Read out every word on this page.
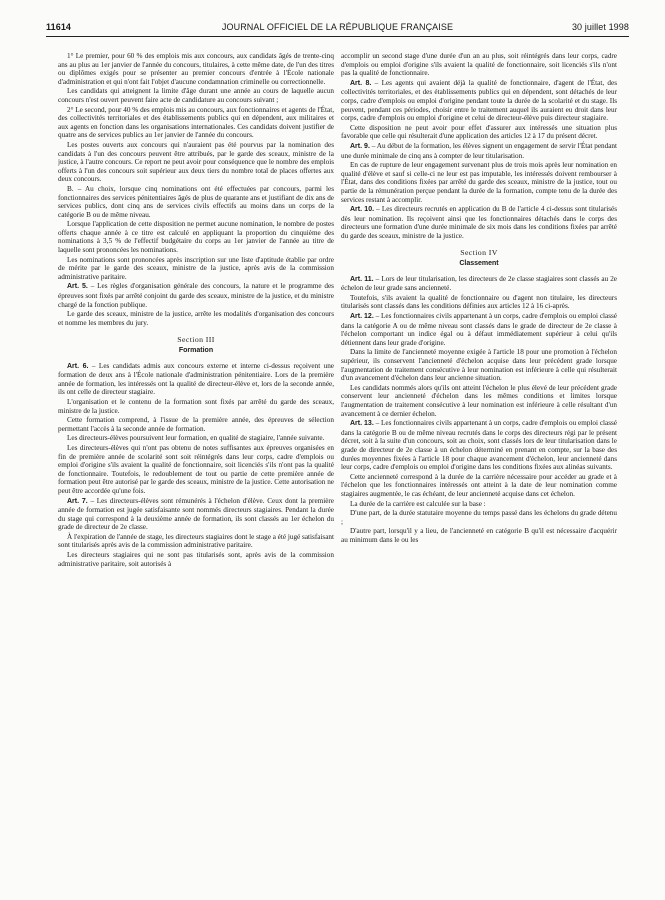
11614	JOURNAL OFFICIEL DE LA RÉPUBLIQUE FRANÇAISE	30 juillet 1998

1° Le premier, pour 60 % des emplois mis aux concours, aux candidats âgés de trente-cinq ans au plus au 1er janvier de l'année du concours, titulaires, à cette même date, de l'un des titres ou diplômes exigés pour se présenter au premier concours d'entrée à l'École nationale d'administration et qui n'ont fait l'objet d'aucune condamnation criminelle ou correctionnelle.

Les candidats qui atteignent la limite d'âge durant une année au cours de laquelle aucun concours n'est ouvert peuvent faire acte de candidature au concours suivant ;

2° Le second, pour 40 % des emplois mis au concours, aux fonctionnaires et agents de l'État, des collectivités territoriales et des établissements publics qui en dépendent, aux militaires et aux agents en fonction dans les organisations internationales. Ces candidats doivent justifier de quatre ans de services publics au 1er janvier de l'année du concours.

Les postes ouverts aux concours qui n'auraient pas été pourvus par la nomination des candidats à l'un des concours peuvent être attribués, par le garde des sceaux, ministre de la justice, à l'autre concours. Ce report ne peut avoir pour conséquence que le nombre des emplois offerts à l'un des concours soit supérieur aux deux tiers du nombre total de places offertes aux deux concours.

B. – Au choix, lorsque cinq nominations ont été effectuées par concours, parmi les fonctionnaires des services pénitentiaires âgés de plus de quarante ans et justifiant de dix ans de services publics, dont cinq ans de services civils effectifs au moins dans un corps de la catégorie B ou de même niveau.

Lorsque l'application de cette disposition ne permet aucune nomination, le nombre de postes offerts chaque année à ce titre est calculé en appliquant la proportion du cinquième des nominations à 3,5 % de l'effectif budgétaire du corps au 1er janvier de l'année au titre de laquelle sont prononcées les nominations.

Les nominations sont prononcées après inscription sur une liste d'aptitude établie par ordre de mérite par le garde des sceaux, ministre de la justice, après avis de la commission administrative paritaire.

Art. 5. – Les règles d'organisation générale des concours, la nature et le programme des épreuves sont fixés par arrêté conjoint du garde des sceaux, ministre de la justice, et du ministre chargé de la fonction publique.

Le garde des sceaux, ministre de la justice, arrête les modalités d'organisation des concours et nomme les membres du jury.

Section III
Formation

Art. 6. – Les candidats admis aux concours externe et interne ci-dessus reçoivent une formation de deux ans à l'École nationale d'administration pénitentiaire. Lors de la première année de formation, les intéressés ont la qualité de directeur-élève et, lors de la seconde année, ils ont celle de directeur stagiaire.

L'organisation et le contenu de la formation sont fixés par arrêté du garde des sceaux, ministre de la justice.

Cette formation comprend, à l'issue de la première année, des épreuves de sélection permettant l'accès à la seconde année de formation.

Les directeurs-élèves poursuivent leur formation, en qualité de stagiaire, l'année suivante.

Les directeurs-élèves qui n'ont pas obtenu de notes suffisantes aux épreuves organisées en fin de première année de scolarité sont soit réintégrés dans leur corps, cadre d'emplois ou emploi d'origine s'ils avaient la qualité de fonctionnaire, soit licenciés s'ils n'ont pas la qualité de fonctionnaire. Toutefois, le redoublement de tout ou partie de cette première année de formation peut être autorisé par le garde des sceaux, ministre de la justice. Cette autorisation ne peut être accordée qu'une fois.

Art. 7. – Les directeurs-élèves sont rémunérés à l'échelon d'élève. Ceux dont la première année de formation est jugée satisfaisante sont nommés directeurs stagiaires. Pendant la durée du stage qui correspond à la deuxième année de formation, ils sont classés au 1er échelon du grade de directeur de 2e classe.

À l'expiration de l'année de stage, les directeurs stagiaires dont le stage a été jugé satisfaisant sont titularisés après avis de la commission administrative paritaire.

Les directeurs stagiaires qui ne sont pas titularisés sont, après avis de la commission administrative paritaire, soit autorisés à

accomplir un second stage d'une durée d'un an au plus, soit réintégrés dans leur corps, cadre d'emplois ou emploi d'origine s'ils avaient la qualité de fonctionnaire, soit licenciés s'ils n'ont pas la qualité de fonctionnaire.

Art. 8. – Les agents qui avaient déjà la qualité de fonctionnaire, d'agent de l'État, des collectivités territoriales, et des établissements publics qui en dépendent, sont détachés de leur corps, cadre d'emplois ou emploi d'origine pendant toute la durée de la scolarité et du stage. Ils peuvent, pendant ces périodes, choisir entre le traitement auquel ils auraient eu droit dans leur corps, cadre d'emplois ou emploi d'origine et celui de directeur-élève puis directeur stagiaire.

Cette disposition ne peut avoir pour effet d'assurer aux intéressés une situation plus favorable que celle qui résulterait d'une application des articles 12 à 17 du présent décret.

Art. 9. – Au début de la formation, les élèves signent un engagement de servir l'État pendant une durée minimale de cinq ans à compter de leur titularisation.

En cas de rupture de leur engagement survenant plus de trois mois après leur nomination en qualité d'élève et sauf si celle-ci ne leur est pas imputable, les intéressés doivent rembourser à l'État, dans des conditions fixées par arrêté du garde des sceaux, ministre de la justice, tout ou partie de la rémunération perçue pendant la durée de la formation, compte tenu de la durée des services restant à accomplir.

Art. 10. – Les directeurs recrutés en application du B de l'article 4 ci-dessus sont titularisés dès leur nomination. Ils reçoivent ainsi que les fonctionnaires détachés dans le corps des directeurs une formation d'une durée minimale de six mois dans les conditions fixées par arrêté du garde des sceaux, ministre de la justice.

Section IV
Classement

Art. 11. – Lors de leur titularisation, les directeurs de 2e classe stagiaires sont classés au 2e échelon de leur grade sans ancienneté.

Toutefois, s'ils avaient la qualité de fonctionnaire ou d'agent non titulaire, les directeurs titularisés sont classés dans les conditions définies aux articles 12 à 16 ci-après.

Art. 12. – Les fonctionnaires civils appartenant à un corps, cadre d'emplois ou emploi classé dans la catégorie A ou de même niveau sont classés dans le grade de directeur de 2e classe à l'échelon comportant un indice égal ou à défaut immédiatement supérieur à celui qu'ils détiennent dans leur grade d'origine.

Dans la limite de l'ancienneté moyenne exigée à l'article 18 pour une promotion à l'échelon supérieur, ils conservent l'ancienneté d'échelon acquise dans leur précédent grade lorsque l'augmentation de traitement consécutive à leur nomination est inférieure à celle qui résulterait d'un avancement d'échelon dans leur ancienne situation.

Les candidats nommés alors qu'ils ont atteint l'échelon le plus élevé de leur précédent grade conservent leur ancienneté d'échelon dans les mêmes conditions et limites lorsque l'augmentation de traitement consécutive à leur nomination est inférieure à celle résultant d'un avancement à ce dernier échelon.

Art. 13. – Les fonctionnaires civils appartenant à un corps, cadre d'emplois ou emploi classé dans la catégorie B ou de même niveau recrutés dans le corps des directeurs régi par le présent décret, soit à la suite d'un concours, soit au choix, sont classés lors de leur titularisation dans le grade de directeur de 2e classe à un échelon déterminé en prenant en compte, sur la base des durées moyennes fixées à l'article 18 pour chaque avancement d'échelon, leur ancienneté dans leur corps, cadre d'emplois ou emploi d'origine dans les conditions fixées aux alinéas suivants.

Cette ancienneté correspond à la durée de la carrière nécessaire pour accéder au grade et à l'échelon que les fonctionnaires intéressés ont atteint à la date de leur nomination comme stagiaires augmentée, le cas échéant, de leur ancienneté acquise dans cet échelon.

La durée de la carrière est calculée sur la base :

D'une part, de la durée statutaire moyenne du temps passé dans les échelons du grade détenu ;

D'autre part, lorsqu'il y a lieu, de l'ancienneté en catégorie B qu'il est nécessaire d'acquérir au minimum dans le ou les
